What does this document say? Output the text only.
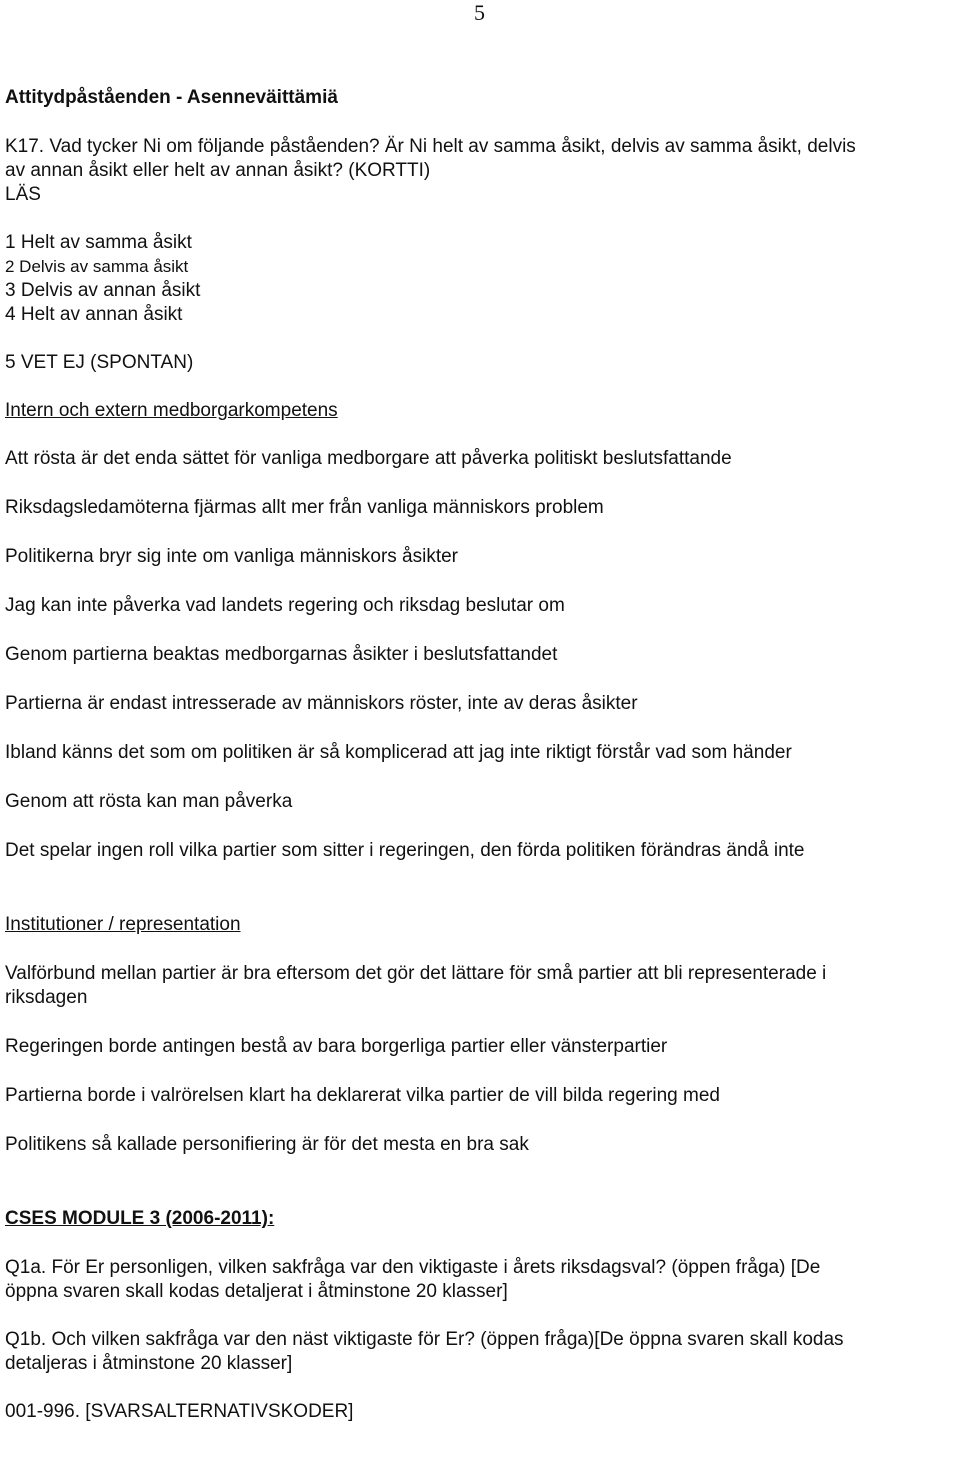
5

Attitydpåståenden - Asenneväittämiä

K17. Vad tycker Ni om följande påståenden? Är Ni helt av samma åsikt, delvis av samma åsikt, delvis

av annan åsikt eller helt av annan åsikt? (KORTTI)

LÄS

1 Helt av samma åsikt

2 Delvis av samma åsikt

3 Delvis av annan åsikt

4 Helt av annan åsikt

5 VET EJ (SPONTAN)

Intern och extern medborgarkompetens

Att rösta är det enda sättet för vanliga medborgare att påverka politiskt beslutsfattande

Riksdagsledamöterna fjärmas allt mer från vanliga människors problem

Politikerna bryr sig inte om vanliga människors åsikter

Jag kan inte påverka vad landets regering och riksdag beslutar om

Genom partierna beaktas medborgarnas åsikter i beslutsfattandet

Partierna är endast intresserade av människors röster, inte av deras åsikter

Ibland känns det som om politiken är så komplicerad att jag inte riktigt förstår vad som händer

Genom att rösta kan man påverka

Det spelar ingen roll vilka partier som sitter i regeringen, den förda politiken förändras ändå inte

Institutioner / representation

Valförbund mellan partier är bra eftersom det gör det lättare för små partier att bli representerade i

riksdagen

Regeringen borde antingen bestå av bara borgerliga partier eller vänsterpartier

Partierna borde i valrörelsen klart ha deklarerat vilka partier de vill bilda regering med

Politikens så kallade personifiering är för det mesta en bra sak

CSES MODULE 3 (2006-2011):

Q1a. För Er personligen, vilken sakfråga var den viktigaste i årets riksdagsval? (öppen fråga) [De

öppna svaren skall kodas detaljerat i åtminstone 20 klasser]

Q1b. Och vilken sakfråga var den näst viktigaste för Er? (öppen fråga)[De öppna svaren skall kodas

detaljeras i åtminstone 20 klasser]

001-996. [SVARSALTERNATIVSKODER]
